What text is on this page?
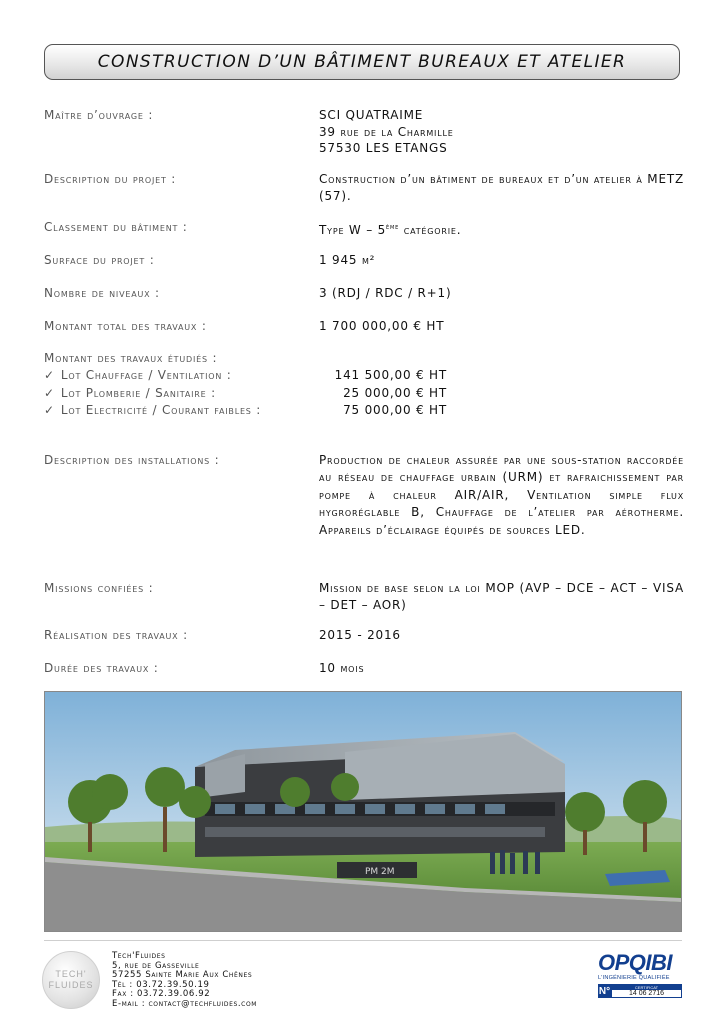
CONSTRUCTION D’UN BÂTIMENT BUREAUX ET ATELIER
Maître d’ouvrage :	SCI QUATRAIME
39 rue de la Charmille
57530 LES ETANGS
Description du projet :	Construction d’un bâtiment de bureaux et d’un atelier à METZ (57).
Classement du bâtiment :	Type W – 5ème catégorie.
Surface du projet :	1 945 m²
Nombre de niveaux :	3 (RDJ / RDC / R+1)
Montant total des travaux :	1 700 000,00 € HT
Montant des travaux étudiés :
✓ Lot Chauffage / Ventilation :	141 500,00 € HT
✓ Lot Plomberie / Sanitaire :	25 000,00 € HT
✓ Lot Electricité / Courant faibles :	75 000,00 € HT
Description des installations :	Production de chaleur assurée par une sous-station raccordée au réseau de chauffage urbain (URM) et rafraichissement par pompe à chaleur AIR/AIR, Ventilation simple flux hygroréglable B, Chauffage de l’atelier par aérotherme. Appareils d’éclairage équipés de sources LED.
Missions confiées :	Mission de base selon la loi MOP (AVP – DCE – ACT – VISA – DET – AOR)
Réalisation des travaux :	2015 - 2016
Durée des travaux :	10 mois
PM 2M
TECH'
FLUIDES
Tech'Fluides
5, rue de Gasseville
57255 Sainte Marie Aux Chênes
Tél : 03.72.39.50.19
Fax : 03.72.39.06.92
E-mail : contact@techfluides.com
OPQIBI
L'INGÉNIERIE QUALIFIÉE
N°	CERTIFICAT
14 06 2716
